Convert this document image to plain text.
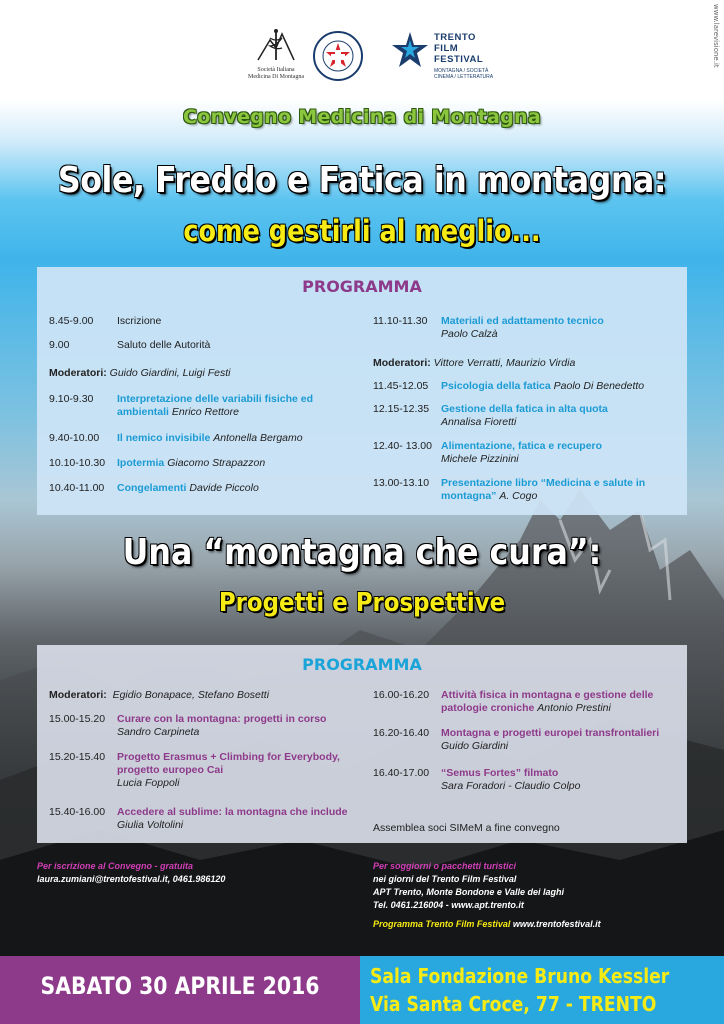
www.larevisione.it
Società Italiana
Medicina Di Montagna
TRENTO
FILM
FESTIVAL
MONTAGNA / SOCIETÀ
CINEMA / LETTERATURA
Convegno Medicina di Montagna
Sole, Freddo e Fatica in montagna:
come gestirli al meglio...
PROGRAMMA
8.45-9.00	Iscrizione
9.00	Saluto delle Autorità
Moderatori: Guido Giardini, Luigi Festi
9.10-9.30	Interpretazione delle variabili fisiche ed ambientali Enrico Rettore
9.40-10.00	Il nemico invisibile Antonella Bergamo
10.10-10.30	Ipotermia Giacomo Strapazzon
10.40-11.00	Congelamenti Davide Piccolo
11.10-11.30	Materiali ed adattamento tecnico
Paolo Calzà
Moderatori: Vittore Verratti, Maurizio Virdia
11.45-12.05	Psicologia della fatica Paolo Di Benedetto
12.15-12.35	Gestione della fatica in alta quota
Annalisa Fioretti
12.40- 13.00 Alimentazione, fatica e recupero
Michele Pizzinini
13.00-13.10	Presentazione libro “Medicina e salute in montagna” A. Cogo
Una “montagna che cura”:
Progetti e Prospettive
PROGRAMMA
Moderatori: Egidio Bonapace, Stefano Bosetti
15.00-15.20	Curare con la montagna: progetti in corso
Sandro Carpineta
15.20-15.40	Progetto Erasmus + Climbing for Everybody, progetto europeo Cai
Lucia Foppoli
15.40-16.00	Accedere al sublime: la montagna che include Giulia Voltolini
16.00-16.20	Attività fisica in montagna e gestione delle patologie croniche Antonio Prestini
16.20-16.40	Montagna e progetti europei transfrontalieri
Guido Giardini
16.40-17.00	“Semus Fortes” filmato
Sara Foradori - Claudio Colpo
Assemblea soci SIMeM a fine convegno
Per iscrizione al Convegno - gratuita
laura.zumiani@trentofestival.it, 0461.986120
Per soggiorni o pacchetti turistici
nei giorni del Trento Film Festival
APT Trento, Monte Bondone e Valle dei laghi
Tel. 0461.216004 - www.apt.trento.it

Programma Trento Film Festival www.trentofestival.it
SABATO 30 APRILE 2016	Sala Fondazione Bruno Kessler
Via Santa Croce, 77 - TRENTO
